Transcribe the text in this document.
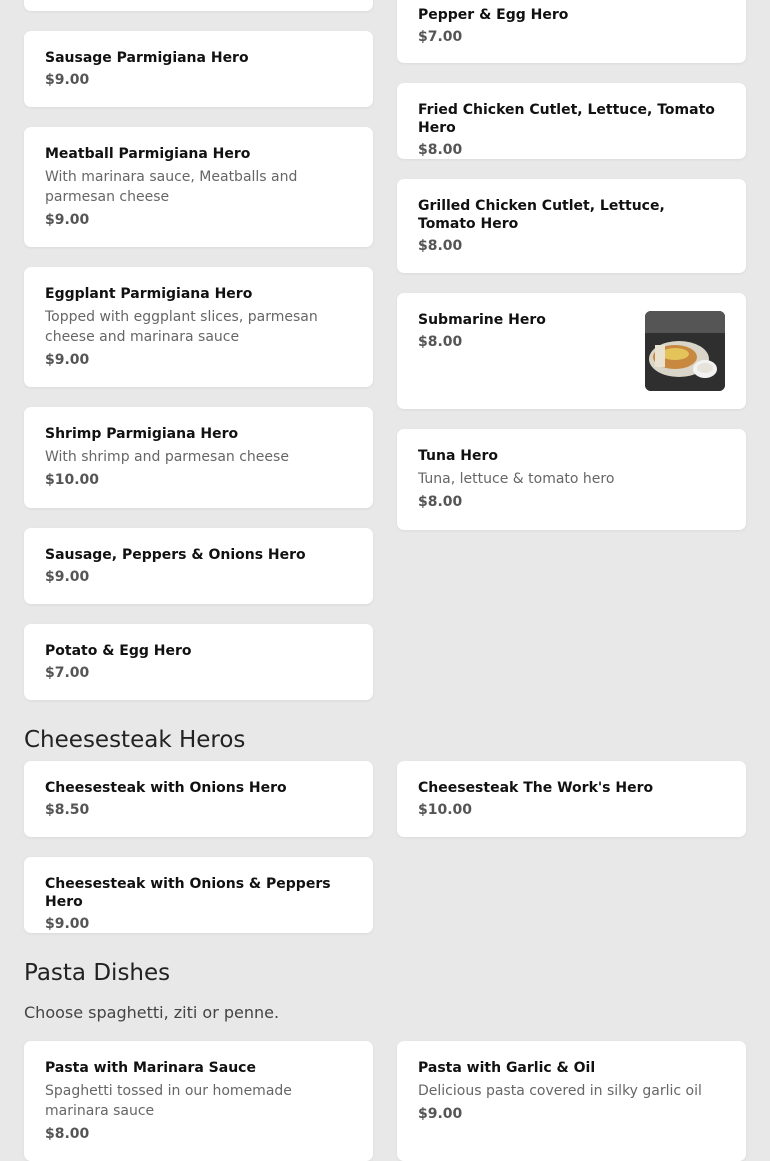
Sausage Parmigiana Hero
$9.00
Meatball Parmigiana Hero
With marinara sauce, Meatballs and parmesan cheese
$9.00
Eggplant Parmigiana Hero
Topped with eggplant slices, parmesan cheese and marinara sauce
$9.00
Shrimp Parmigiana Hero
With shrimp and parmesan cheese
$10.00
Sausage, Peppers & Onions Hero
$9.00
Potato & Egg Hero
$7.00
Pepper & Egg Hero
$7.00
Fried Chicken Cutlet, Lettuce, Tomato Hero
$8.00
Grilled Chicken Cutlet, Lettuce, Tomato Hero
$8.00
Submarine Hero
$8.00
Tuna Hero
Tuna, lettuce & tomato hero
$8.00
Cheesesteak Heros
Cheesesteak with Onions Hero
$8.50
Cheesesteak The Work's Hero
$10.00
Cheesesteak with Onions & Peppers Hero
$9.00
Pasta Dishes
Choose spaghetti, ziti or penne.
Pasta with Marinara Sauce
Spaghetti tossed in our homemade marinara sauce
$8.00
Pasta with Garlic & Oil
Delicious pasta covered in silky garlic oil
$9.00
